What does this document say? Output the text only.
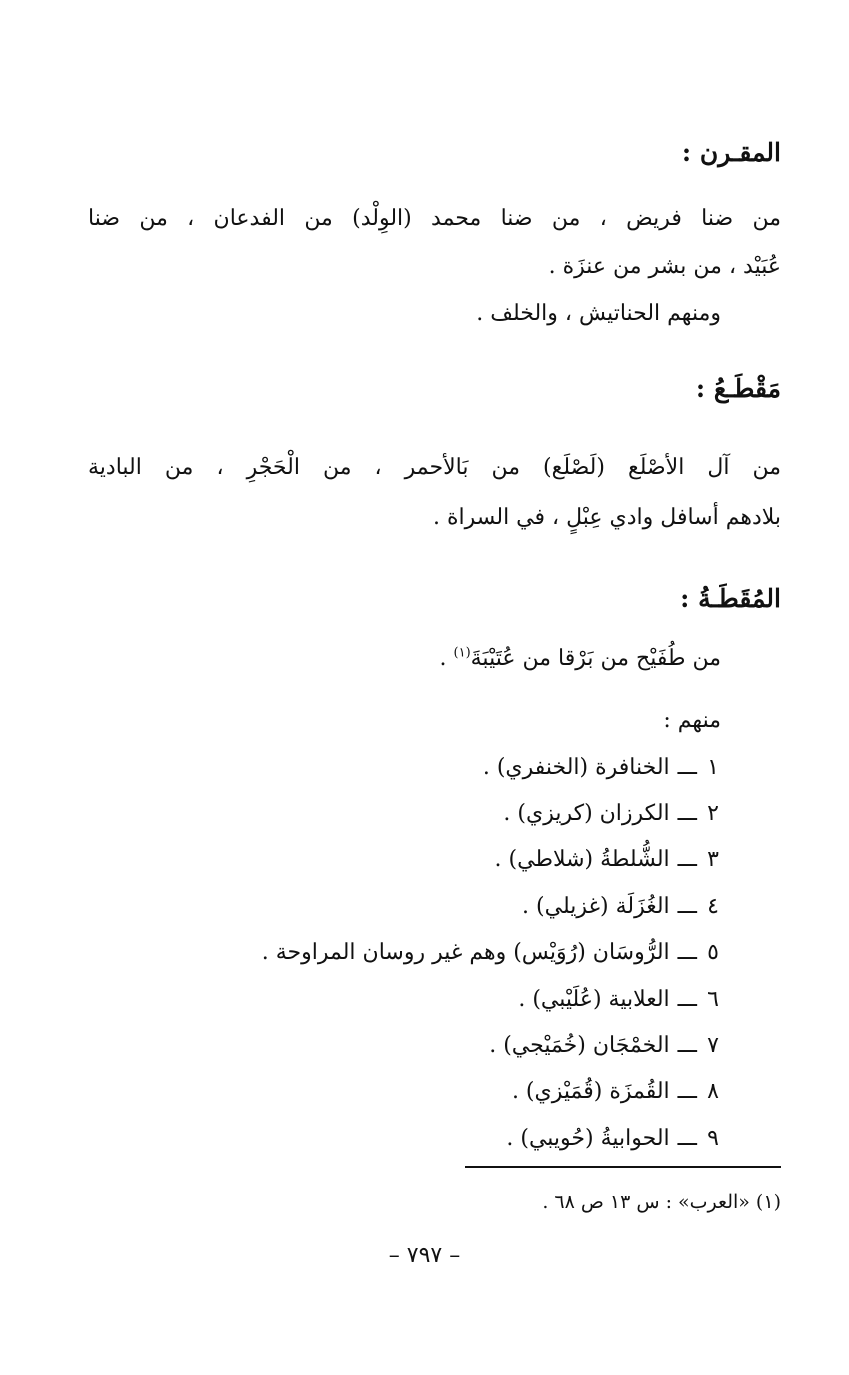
المقـرن :
من ضنا فريض ، من ضنا محمد (الوِلْد) من الفدعان ، من ضنا
عُبَيْد ، من بشر من عنزَة .
ومنهم الحناتيش ، والخلف .
مَقْطَـعُ :
من آل الأصْلَع (لَصْلَع) من بَالأحمر ، من الْحَجْرِ ، من البادية
بلادهم أسافل وادي عِبْلٍ ، في السراة .
المُقَطَـةُ :
من طُفَيْح من بَرْقا من عُتَيْبَةَ$^{(١)}$ .
منهم :
١ـــالخنافرة (الخنفري) .
٢ـــالكرزان (كريزي) .
٣ـــالشُّلطةُ (شلاطي) .
٤ـــالغُزَلَة (غزيلي) .
٥ـــالرُّوسَان (رُوَيْس) وهم غير روسان المراوحة .
٦ـــالعلابية (عُلَيْبي) .
٧ـــالخمْجَان (خُمَيْجي) .
٨ـــالقُمزَة (قُمَيْزي) .
٩ـــالحوابيةُ (حُويبي) .
(١) «العرب» : س ١٣ ص ٦٨ .
– ٧٩٧ –
